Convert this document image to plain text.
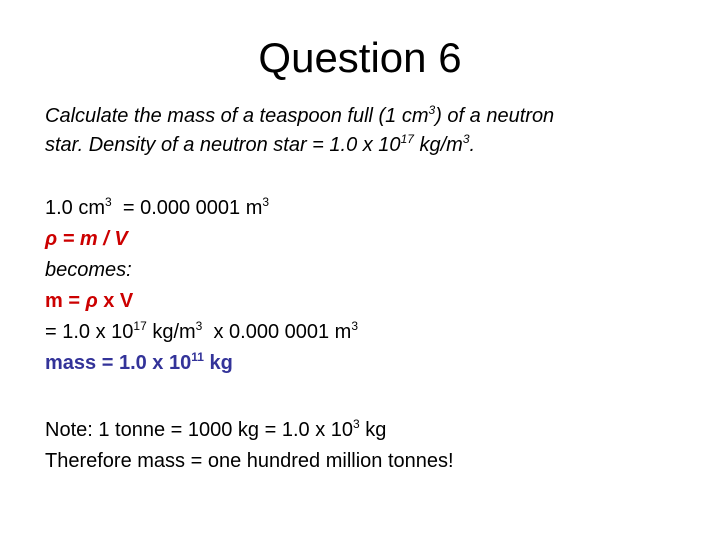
Question 6
Calculate the mass of a teaspoon full (1 $cm^3$) of a neutron
star. Density of a neutron star = 1.0 x $10^{17}$ $kg/m^3$.
1.0 $cm^3 = 0.000$ 0001 $m^3$
ρ = m / V
becomes:
m = ρ x V
= 1.0 x $10^{17}$ $kg/m^3$  x 0.000 0001 $m^3$
mass = 1.0 x $10^{11}$ kg
Note: 1 tonne = 1000 kg = 1.0 x $10^3$ kg
Therefore mass = one hundred million tonnes!
